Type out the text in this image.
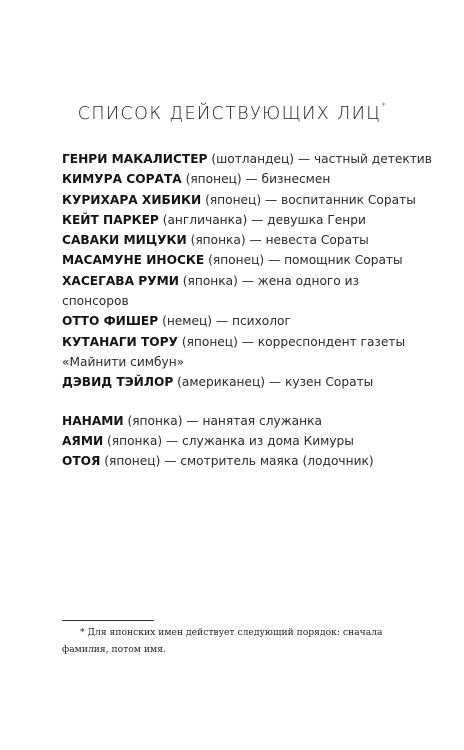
СПИСОК ДЕЙСТВУЮЩИХ ЛИЦ*
ГЕНРИ МАКАЛИСТЕР (шотландец) — частный детектив
КИМУРА СОРАТА (японец) — бизнесмен
КУРИХАРА ХИБИКИ (японец) — воспитанник Сораты
КЕЙТ ПАРКЕР (англичанка) — девушка Генри
САВАКИ МИЦУКИ (японка) — невеста Сораты
МАСАМУНЕ ИНОСКЕ (японец) — помощник Сораты
ХАСЕГАВА РУМИ (японка) — жена одного из
спонсоров
ОТТО ФИШЕР (немец) — психолог
КУТАНАГИ ТОРУ (японец) — корреспондент газеты
«Майнити симбун»
ДЭВИД ТЭЙЛОР (американец) — кузен Сораты
НАНАМИ (японка) — нанятая служанка
АЯМИ (японка) — служанка из дома Кимуры
ОТОЯ (японец) — смотритель маяка (лодочник)
* Для японских имен действует следующий порядок: сначала
фамилия, потом имя.
